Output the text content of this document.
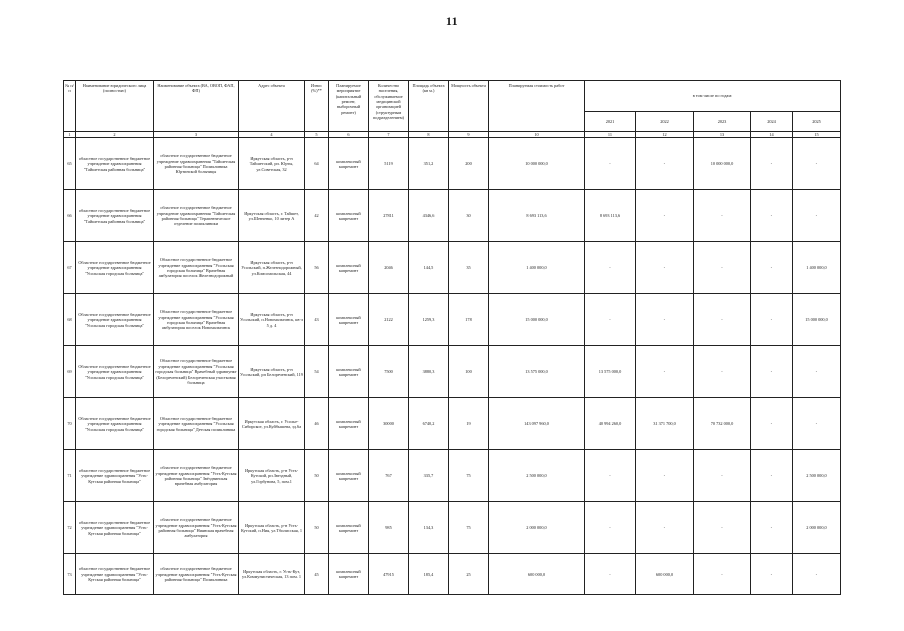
11
№ п/п	Наименование юридического лица (полностью)	Наименование объекта (ВА, ОВОП, ФАП, ФП)	Адрес объекта	Износ (%)**	Планируемое мероприятие (капитальный ремонт, выборочный ремонт)	Количество населения, обслуживаемое медицинской организацией (структурным подразделением)	Площадь объекта (кв м.)	Мощность объекта	Планируемая стоимость работ	в том числе по годам:				
										2021	2022	2023	2024	2025
1	2	3	4	5	6	7	8	9	10	11	12	13	14	15
65	областное государственное бюджетное учреждение здравоохранения "Тайшетская районная больница"	областное государственное бюджетное учреждение здравоохранения "Тайшетская районная больница" Поликлиника Юртинской больницы	Иркутская область, р-н Тайшетский, рп. Юрты, ул.Советская, 32	64	комплексный капремонт	5119	351,2	200	10 000 000,0	-	-	10 000 000,0	-	-
66	областное государственное бюджетное учреждение здравоохранения "Тайшетская районная больница"	областное государственное бюджетное учреждение здравоохранения "Тайшетская районная больница" Терапевтическое отделение поликлиники	Иркутская область, г. Тайшет, ул.Шевченко, 10 литер А	42	комплексный капремонт	27811	4346,6	30	8 693 113,6	8 693 113,6	-	-	-	-
67	Областное государственное бюджетное учреждение здравоохранения "Усольская городская больница"	Областное государственное бюджетное учреждение здравоохранения "Усольская городская больница" Врачебная амбулатория поселок Железнодорожный	Иркутская область, р-н Усольский, п.Железнодорожный, ул.Комсомольская, 44	56	комплексный капремонт	2046	144,5	35	1 400 000,0	-	-	-	-	1 400 000,0
68	Областное государственное бюджетное учреждение здравоохранения "Усольская городская больница"	Областное государственное бюджетное учреждение здравоохранения "Усольская городская больница" Врачебная амбулатория поселок Новомальтинск	Иркутская область, р-н Усольский, п.Новомальтинск, кв-л 5 д. 4	43	комплексный капремонт	2122	1259,3	178	15 000 000,0	-	-	-	-	15 000 000,0
69	Областное государственное бюджетное учреждение здравоохранения "Усольская городская больница"	Областное государственное бюджетное учреждение здравоохранения "Усольская городская больница" Врачебный здравпункт (Белореченский) Белореченская участковая больница	Иркутская область, р-н Усольский, рп Белореченский, 119	54	комплексный капремонт	7500	3880,3	100	13 575 000,0	13 575 000,0	-	-	-	-
70	Областное государственное бюджетное учреждение здравоохранения "Усольская городская больница"	Областное государственное бюджетное учреждение здравоохранения "Усольская городская больница" Детская поликлиника	Иркутская область, г. Усолье-Сибирское, ул.Куйбышева, зд.6а	46	комплексный капремонт	30000	6740,2	19	143 097 960,0	40 994 260,0	31 371 700,0	70 732 000,0	-	-
71	областное государственное бюджетное учреждение здравоохранения "Усть-Кутская районная больница"	областное государственное бюджетное учреждение здравоохранения "Усть-Кутская районная больница" Звёзднинская врачебная амбулатория	Иркутская область, р-н Усть-Кутский, рп.Звездный, ул.Горбунова, 5, пом.1	50	комплексный капремонт	767	335,7	75	2 500 000,0	-	-	-	-	2 500 000,0
72	областное государственное бюджетное учреждение здравоохранения "Усть-Кутская районная больница"	областное государственное бюджетное учреждение здравоохранения "Усть-Кутская районная больница" Ниянская врачебная амбулатория	Иркутская область, р-н Усть-Кутский, п.Ния, ул.Тбилисская, 1	50	комплексный капремонт	985	134,3	75	2 000 000,0	-	-	-	-	2 000 000,0
73	областное государственное бюджетное учреждение здравоохранения "Усть-Кутская районная больница"	областное государственное бюджетное учреждение здравоохранения "Усть-Кутская районная больница" Поликлиника	Иркутская область, г. Усть-Кут, ул.Коммунистическая, 13 пом. 1	45	комплексный капремонт	47915	185,4	25	600 000,0	-	600 000,0	-	-	-
